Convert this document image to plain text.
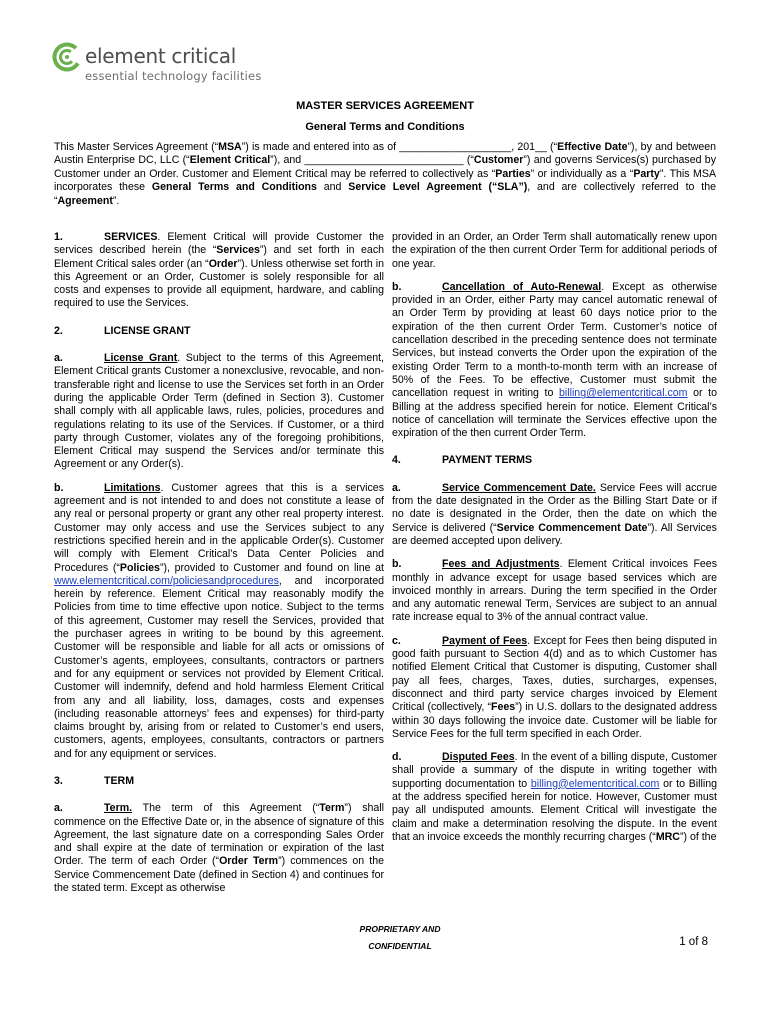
element critical
essential technology facilities
MASTER SERVICES AGREEMENT
General Terms and Conditions
This Master Services Agreement (“MSA”) is made and entered into as of ___________________, 201__ (“Effective Date”), by and between Austin Enterprise DC, LLC (“Element Critical”), and ___________________________ (“Customer”) and governs Services(s) purchased by Customer under an Order. Customer and Element Critical may be referred to collectively as “Parties” or individually as a “Party”. This MSA incorporates these General Terms and Conditions and Service Level Agreement (“SLA”), and are collectively referred to the “Agreement”.

1.	SERVICES. Element Critical will provide Customer the services described herein (the “Services”) and set forth in each Element Critical sales order (an “Order”). Unless otherwise set forth in this Agreement or an Order, Customer is solely responsible for all costs and expenses to provide all equipment, hardware, and cabling required to use the Services.

2.	LICENSE GRANT

a.	License Grant. Subject to the terms of this Agreement, Element Critical grants Customer a nonexclusive, revocable, and non-transferable right and license to use the Services set forth in an Order during the applicable Order Term (defined in Section 3). Customer shall comply with all applicable laws, rules, policies, procedures and regulations relating to its use of the Services. If Customer, or a third party through Customer, violates any of the foregoing prohibitions, Element Critical may suspend the Services and/or terminate this Agreement or any Order(s).

b.	Limitations. Customer agrees that this is a services agreement and is not intended to and does not constitute a lease of any real or personal property or grant any other real property interest. Customer may only access and use the Services subject to any restrictions specified herein and in the applicable Order(s). Customer will comply with Element Critical’s Data Center Policies and Procedures (“Policies”), provided to Customer and found on line at www.elementcritical.com/policiesandprocedures, and incorporated herein by reference. Element Critical may reasonably modify the Policies from time to time effective upon notice. Subject to the terms of this agreement, Customer may resell the Services, provided that the purchaser agrees in writing to be bound by this agreement. Customer will be responsible and liable for all acts or omissions of Customer’s agents, employees, consultants, contractors or partners and for any equipment or services not provided by Element Critical. Customer will indemnify, defend and hold harmless Element Critical from any and all liability, loss, damages, costs and expenses (including reasonable attorneys’ fees and expenses) for third-party claims brought by, arising from or related to Customer’s end users, customers, agents, employees, consultants, contractors or partners and for any equipment or services.

3.	TERM

a.	Term. The term of this Agreement (“Term”) shall commence on the Effective Date or, in the absence of signature of this Agreement, the last signature date on a corresponding Sales Order and shall expire at the date of termination or expiration of the last Order. The term of each Order (“Order Term”) commences on the Service Commencement Date (defined in Section 4) and continues for the stated term. Except as otherwise

provided in an Order, an Order Term shall automatically renew upon the expiration of the then current Order Term for additional periods of one year.

b.	Cancellation of Auto-Renewal. Except as otherwise provided in an Order, either Party may cancel automatic renewal of an Order Term by providing at least 60 days notice prior to the expiration of the then current Order Term. Customer’s notice of cancellation described in the preceding sentence does not terminate Services, but instead converts the Order upon the expiration of the existing Order Term to a month-to-month term with an increase of 50% of the Fees. To be effective, Customer must submit the cancellation request in writing to billing@elementcritical.com or to Billing at the address specified herein for notice. Element Critical’s notice of cancellation will terminate the Services effective upon the expiration of the then current Order Term.

4.	PAYMENT TERMS

a.	Service Commencement Date. Service Fees will accrue from the date designated in the Order as the Billing Start Date or if no date is designated in the Order, then the date on which the Service is delivered (“Service Commencement Date”). All Services are deemed accepted upon delivery.

b.	Fees and Adjustments. Element Critical invoices Fees monthly in advance except for usage based services which are invoiced monthly in arrears. During the term specified in the Order and any automatic renewal Term, Services are subject to an annual rate increase equal to 3% of the annual contract value.

c.	Payment of Fees. Except for Fees then being disputed in good faith pursuant to Section 4(d) and as to which Customer has notified Element Critical that Customer is disputing, Customer shall pay all fees, charges, Taxes, duties, surcharges, expenses, disconnect and third party service charges invoiced by Element Critical (collectively, “Fees”) in U.S. dollars to the designated address within 30 days following the invoice date. Customer will be liable for Service Fees for the full term specified in each Order.

d.	Disputed Fees. In the event of a billing dispute, Customer shall provide a summary of the dispute in writing together with supporting documentation to billing@elementcritical.com or to Billing at the address specified herein for notice. However, Customer must pay all undisputed amounts. Element Critical will investigate the claim and make a determination resolving the dispute. In the event that an invoice exceeds the monthly recurring charges (“MRC”) of the

PROPRIETARY AND
CONFIDENTIAL	1 of 8
